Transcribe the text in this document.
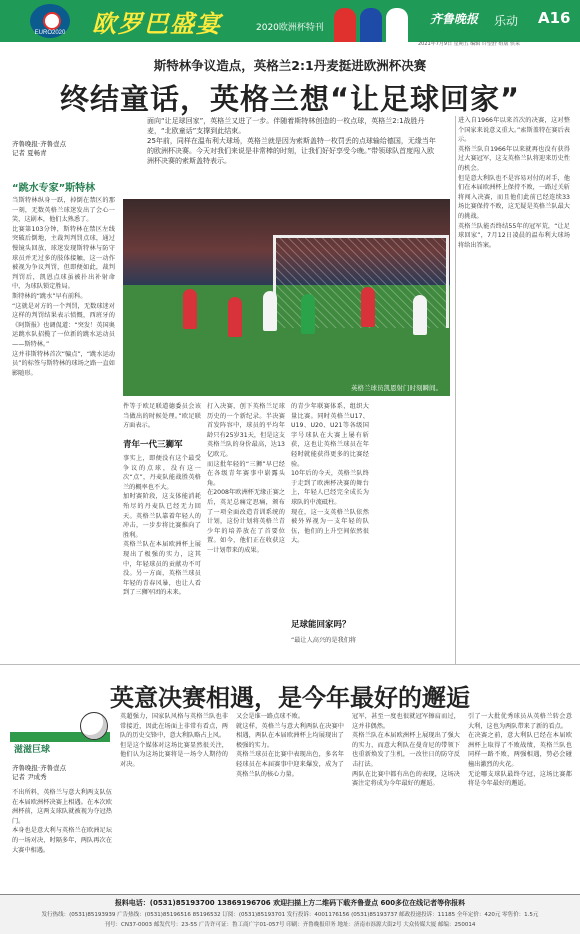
EURO2020 欧罗巴盛宴	2020欧洲杯特刊
齐鲁晚报 乐动 A16
2021年7月9日 星期五 编辑 许望舒 组版 侯采
斯特林争议造点，英格兰2:1丹麦挺进欧洲杯决赛
终结童话，英格兰想“让足球回家”
面向“让足球回家”，英格兰又进了一步。伴随着斯特林创造的一枚点球，英格兰2:1战胜丹麦，“北欧童话”支撑到此结束。
25年前，同样在温布利大球场，英格兰就是因为索斯盖特一枚罚丢的点球输给德国，无缘当年的欧洲杯决赛。今天对我们来说是非常棒的时刻，让我们好好享受今晚。”带领球队首度闯入欧洲杯决赛的索斯盖特表示。
齐鲁晚报·齐鲁壹点
记者 夏畅青
“跳水专家”斯特林
当斯特林纵身一跃，掉倒在禁区的那一刻，无数英格兰球迷发出了会心一笑，这剧本，他们太熟悉了。
比赛第103分钟，斯特林在禁区左线突破后倒地，主裁判判罚点球，通过慢镜头回放，球迷发现斯特林与防守球员并无过多的肢体接触，这一动作被视为争议判罚，但即便如此，裁判判罚后，凯恩点球虽被扑出补射命中，为球队锁定胜局。
斯特林的“跳水”早有前科。
“这就是对方的一个判罚，无数球迷对这样的判罚结果表示愤慨，西班牙的《阿斯报》也调侃道：“突发！英国奥运跳水队招揽了一位新的跳水运动员——斯特林。”
这并非斯特林首次“骗点”，“跳水运动员”的标签与斯特林的球场之路一直如影随形。
英格兰球员凯恩射门时刻瞬间。
件等于欧足联道德委员会该当做出的时候处理。”欧足联方面表示。
青年一代三狮军
事实上，即便没有这个最受争议的点球，没有这一次“点”，丹麦队能战胜英格兰的概率也不大。
加时赛阶段，这支体能消耗殆尽的丹麦队已经无力回天。英格兰队靠着年轻人的冲击，一步步将比赛推向了胜利。
英格兰队在本届欧洲杯上展现出了极强的实力，这其中，年轻球员的贡献功不可没。另一方面，英格兰球员年轻的青春风暴，也让人看到了三狮军团的未来。
打入决赛，创下英格兰足球历史的一个新纪录。半决赛首发阵容中，球员的平均年龄只有25岁31天，但是这支英格兰队的身价最高，达13亿欧元。
而这批年轻的“三狮”早已经在各级青年赛事中崭露头角。
在2008年欧洲杯无缘正赛之后，英足总痛定思痛，颁布了一项全面改造青训系统的计划，这份计划将英格兰青少年的培养放在了首要位置。如今，他们正在收获这一计划带来的成果。
的青少年联赛体系，组织大量比赛。同时英格兰U17、U19、U20、U21等各级国字号球队在大赛上屡有斩获，这也让英格兰球员在年轻时就能获得更多的比赛经验。
10年后的今天，英格兰队终于走到了欧洲杯决赛的舞台上，年轻人已经完全成长为球队的中流砥柱。
现在，这一支英格兰队依然被外界视为一支年轻的队伍，他们的上升空间依然很大。
足球能回家吗？
“最让人高兴的是我们将
进入自1966年以来首次的决赛，这对整个国家来说意义重大。”索斯盖特在赛后表示。
英格兰队自1966年以来就再也没有获得过大赛冠军，这支英格兰队将迎来历史性的机会。
但是意大利队也不是容易对付的对手，他们在本届欧洲杯上保持不败，一路过关斩将闯入决赛，而且他们此前已经连续33场比赛保持不败，这无疑是英格兰队最大的挑战。
英格兰队能否终结55年的冠军荒，“让足球回家”，7月12日凌晨的温布利大球场将给出答案。
英意决赛相遇，是今年最好的邂逅
滋滋巨球
齐鲁晚报·齐鲁壹点
记者 尹成秀
不出所料，英格兰与意大利两支队伍在本届欧洲杯决赛上相遇。在本次欧洲杯前，这两支球队就被视为夺冠热门。
本身也是意大利与英格兰在欧洲足坛的一场对决，时隔多年，两队再次在大赛中相遇。
英超强力，国家队风格与英格兰队也非常接近，因此在场面上非常有看点，两队的历史交锋中，意大利队略占上风。
但是这个媒体对这场比赛显然很关注，他们认为这场比赛将是一场令人期待的对决。
又会是谁一路点球不败。
就这样，英格兰与意大利两队在决赛中相遇，两队在本届欧洲杯上均展现出了极强的实力。
英格兰球员在比赛中表现出色，多名年轻球员在本届赛事中迎来爆发，成为了英格兰队的核心力量。
冠军，甚至一度也很就冠军擦肩而过，这并非偶然。
英格兰队在本届欧洲杯上展现出了强大的实力，而意大利队在曼奇尼的带领下也重新焕发了生机，一改往日的防守反击打法。
两队在比赛中都有出色的表现，这场决赛注定将成为今年最好的邂逅。
引了一大批优秀球员从英格兰转会意大利，这也为两队带来了新的看点。
在决赛之前，意大利队已经在本届欧洲杯上取得了不败战绩，英格兰队也同样一路不败，两强相遇，势必会碰撞出激烈的火花。
无论哪支球队最终夺冠，这场比赛都将是今年最好的邂逅。
报料电话：(0531)85193700 13869196706 欢迎扫描上方二维码下载齐鲁壹点 600多位在线记者等你报料
发行热线：(0531)85193939 广告热线：(0531)85196516 85196532 订阅：(0531)85193701 发行投诉：4001176156 (0531)85193737 邮政投递投诉：11185 全年定价：420元 零售价：1.5元
刊号：CN37-0003 邮发代号：23-55 广告许可证：鲁工商广字01-057号 印刷：齐鲁晚报印务 地址：济南市泺源大街2号 大众传媒大厦 邮编：250014
